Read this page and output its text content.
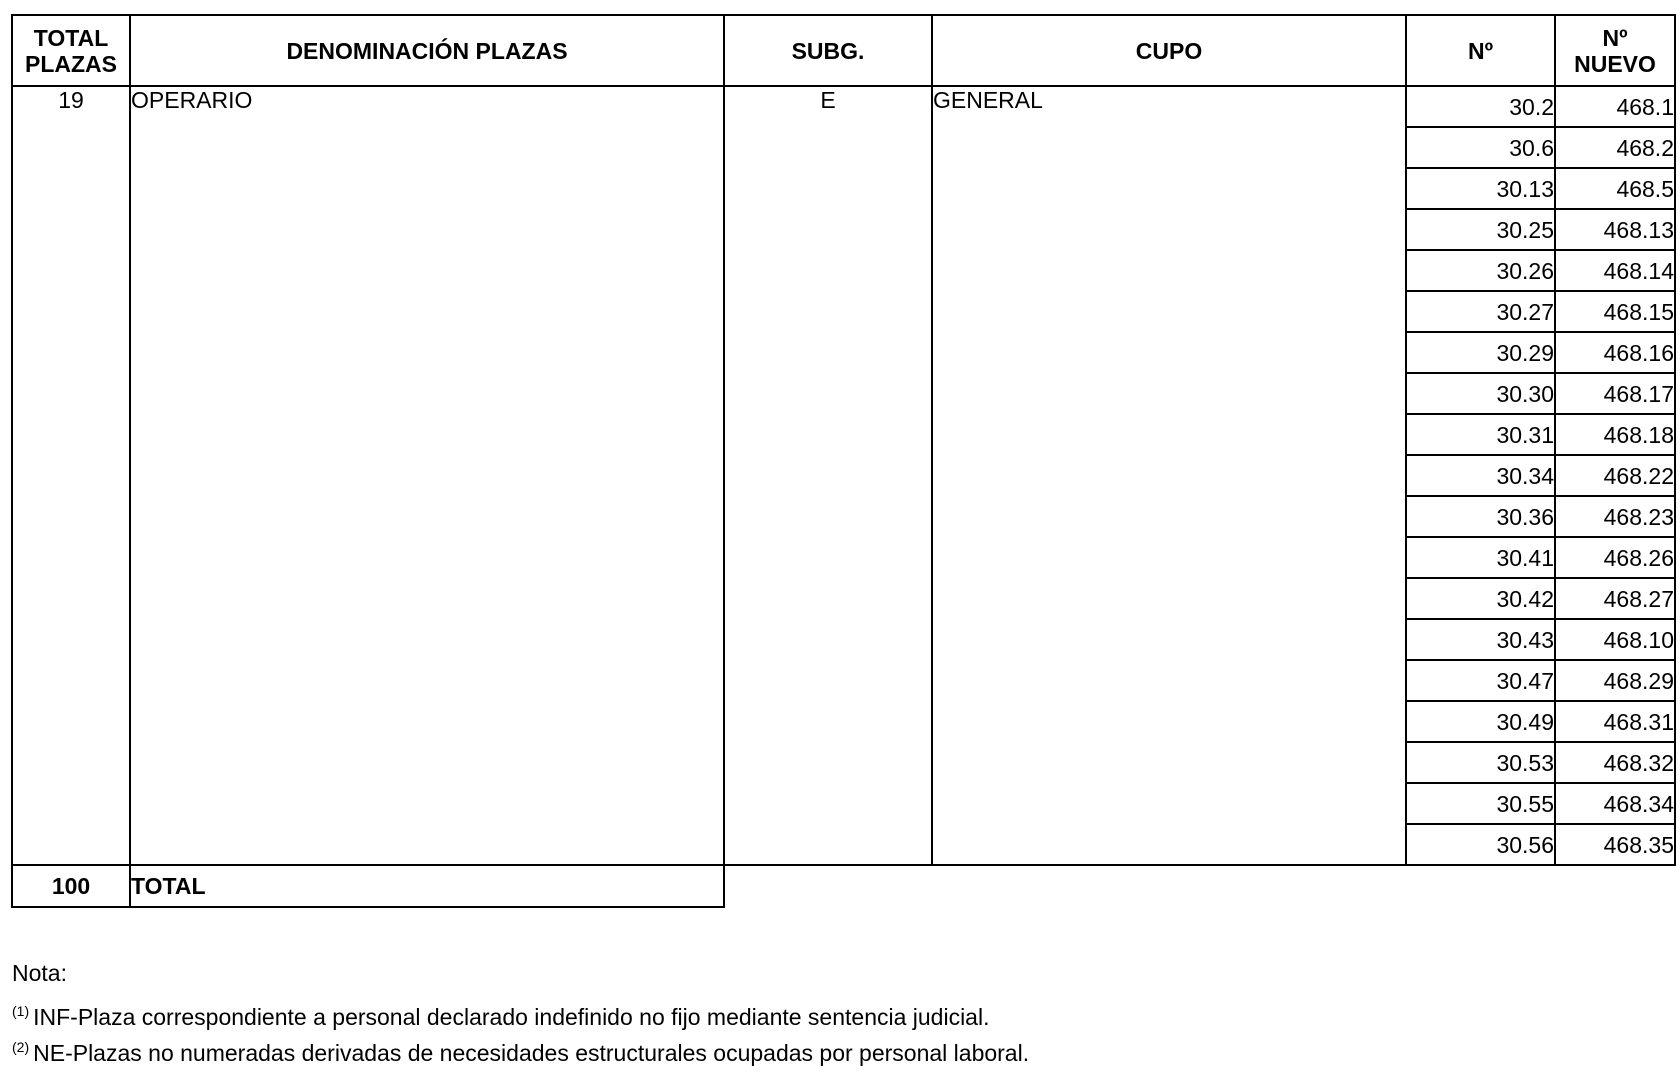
TOTAL PLAZAS	DENOMINACIÓN PLAZAS	SUBG.	CUPO	Nº	Nº NUEVO
19	OPERARIO	E	GENERAL	30.2	468.1
				30.6	468.2
				30.13	468.5
				30.25	468.13
				30.26	468.14
				30.27	468.15
				30.29	468.16
				30.30	468.17
				30.31	468.18
				30.34	468.22
				30.36	468.23
				30.41	468.26
				30.42	468.27
				30.43	468.10
				30.47	468.29
				30.49	468.31
				30.53	468.32
				30.55	468.34
				30.56	468.35
100	TOTAL				
Nota:
$^{(1)}$ INF-Plaza correspondiente a personal declarado indefinido no fijo mediante sentencia judicial.
$^{(2)}$ NE-Plazas no numeradas derivadas de necesidades estructurales ocupadas por personal laboral.
